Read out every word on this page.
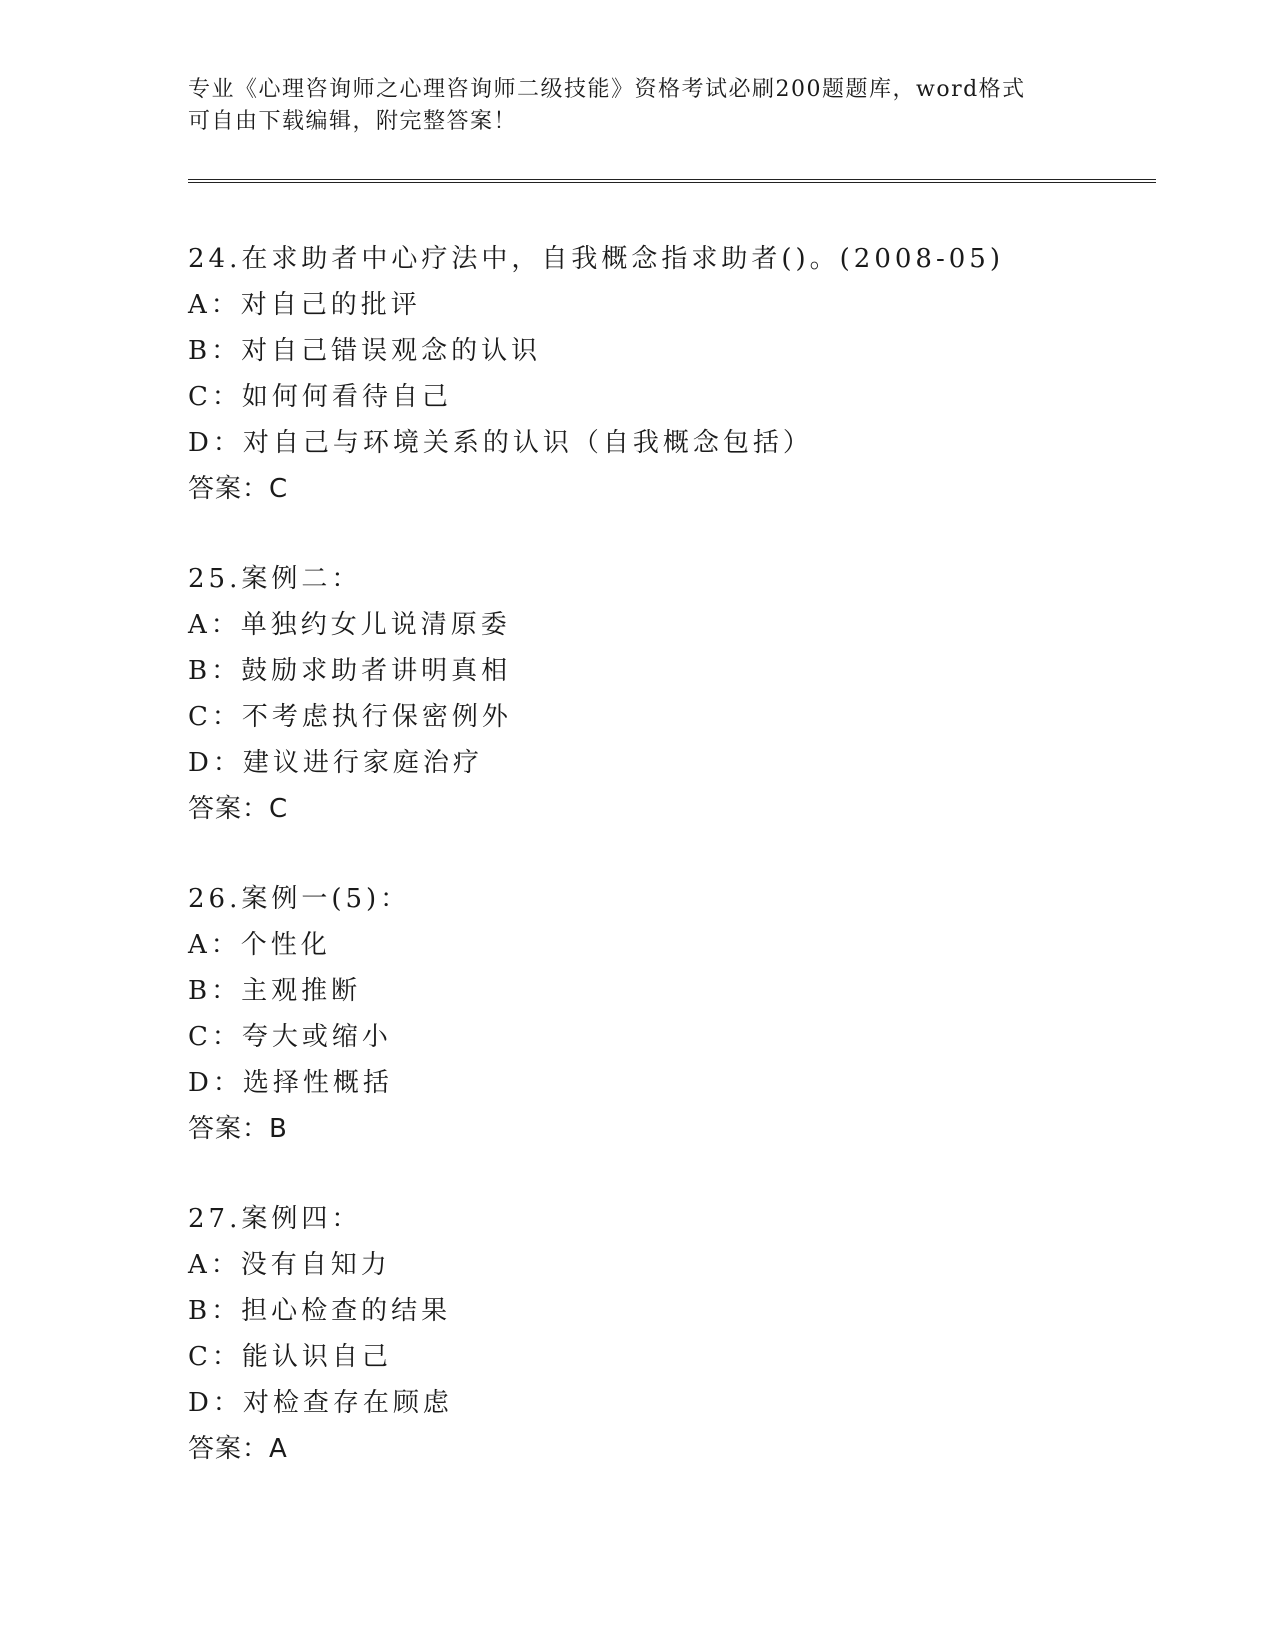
专业《心理咨询师之心理咨询师二级技能》资格考试必刷200题题库，word格式
可自由下载编辑，附完整答案！
24.在求助者中心疗法中，自我概念指求助者()。(2008-05)
A：对自己的批评
B：对自己错误观念的认识
C：如何何看待自己
D：对自己与环境关系的认识（自我概念包括）
答案：C
25.案例二：
A：单独约女儿说清原委
B：鼓励求助者讲明真相
C：不考虑执行保密例外
D：建议进行家庭治疗
答案：C
26.案例一(5)：
A：个性化
B：主观推断
C：夸大或缩小
D：选择性概括
答案：B
27.案例四：
A：没有自知力
B：担心检查的结果
C：能认识自己
D：对检查存在顾虑
答案：A
